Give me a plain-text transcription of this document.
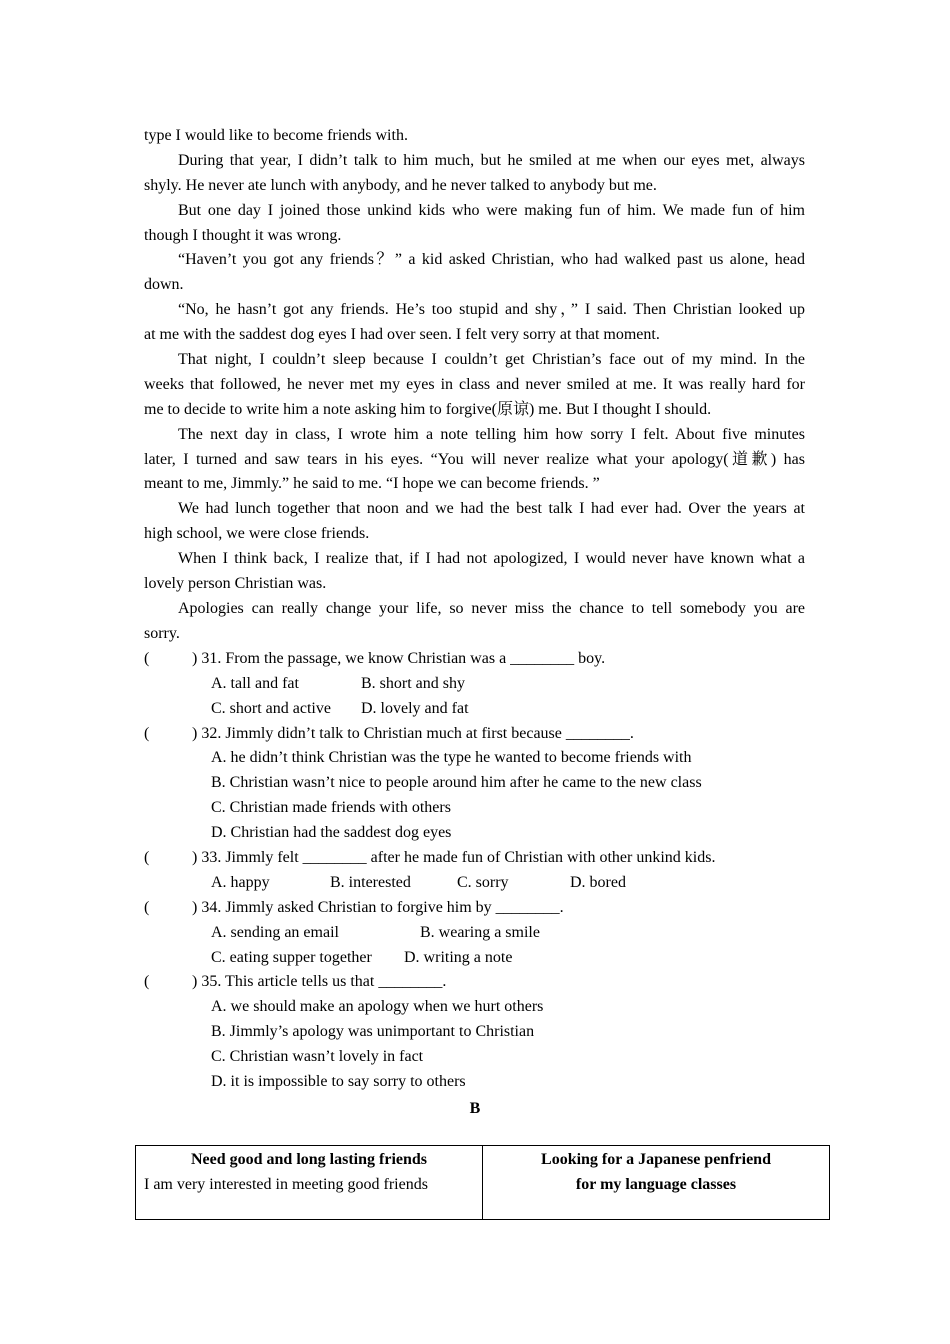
type I would like to become friends with.
During that year, I didn’t talk to him much, but he smiled at me when our eyes met, always
shyly. He never ate lunch with anybody, and he never talked to anybody but me.
But one day I joined those unkind kids who were making fun of him. We made fun of him
though I thought it was wrong.
“Haven’t you got any friends？” a kid asked Christian, who had walked past us alone, head
down.
“No, he hasn’t got any friends. He’s too stupid and shy，” I said. Then Christian looked up
at me with the saddest dog eyes I had over seen. I felt very sorry at that moment.
That night, I couldn’t sleep because I couldn’t get Christian’s face out of my mind. In the
weeks that followed, he never met my eyes in class and never smiled at me. It was really hard for
me to decide to write him a note asking him to forgive(原谅) me. But I thought I should.
The next day in class, I wrote him a note telling him how sorry I felt. About five minutes
later, I turned and saw tears in his eyes. “You will never realize what your apology(道歉) has
meant to me, Jimmly.” he said to me. “I hope we can become friends. ”
We had lunch together that noon and we had the best talk I had ever had. Over the years at
high school, we were close friends.
When I think back, I realize that, if I had not apologized, I would never have known what a
lovely person Christian was.
Apologies can really change your life, so never miss the chance to tell somebody you are
sorry.
(	) 31. From the passage, we know Christian was a ________ boy.
A. tall and fat	B. short and shy
C. short and active D. lovely and fat
(	) 32. Jimmly didn’t talk to Christian much at first because ________.
A. he didn’t think Christian was the type he wanted to become friends with
B. Christian wasn’t nice to people around him after he came to the new class
C. Christian made friends with others
D. Christian had the saddest dog eyes
(	) 33. Jimmly felt ________ after he made fun of Christian with other unkind kids.
A. happy	B. interested	C. sorry	D. bored
(	) 34. Jimmly asked Christian to forgive him by ________.
A. sending an email	B. wearing a smile
C. eating supper together D. writing a note
(	) 35. This article tells us that ________.
A. we should make an apology when we hurt others
B. Jimmly’s apology was unimportant to Christian
C. Christian wasn’t lovely in fact
D. it is impossible to say sorry to others
B
Need good and long lasting friends
I am very interested in meeting good friends

Looking for a Japanese penfriend
for my language classes
